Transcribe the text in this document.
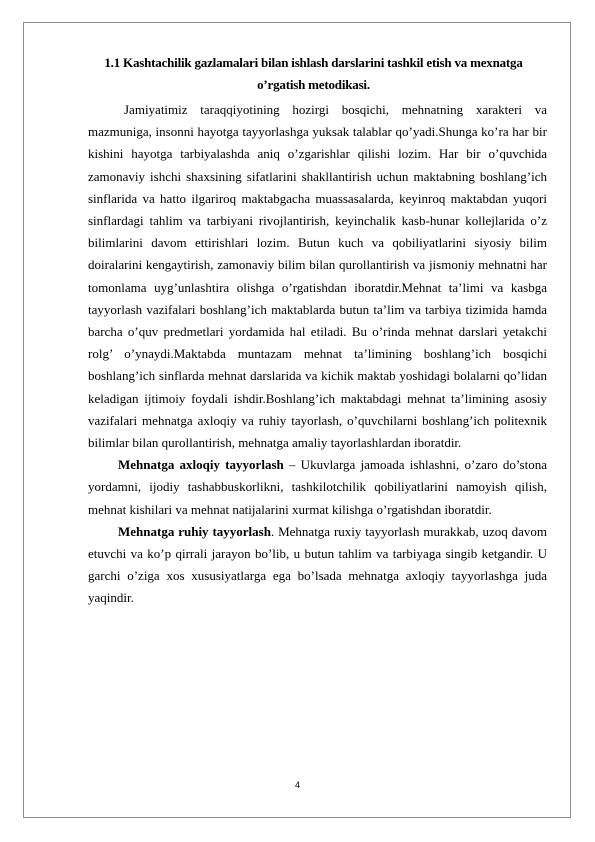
1.1 Kashtachilik gazlamalari bilan ishlash darslarini tashkil etish va mexnatga o’rgatish metodikasi.

Jamiyatimiz taraqqiyotining hozirgi bosqichi, mehnatning xarakteri va mazmuniga, insonni hayotga tayyorlashga yuksak talablar qo’yadi.Shunga ko’ra har bir kishini hayotga tarbiyalashda aniq o’zgarishlar qilishi lozim. Har bir o’quvchida zamonaviy ishchi shaxsining sifatlarini shakllantirish uchun maktabning boshlang’ich sinflarida va hatto ilgariroq maktabgacha muassasalarda, keyinroq maktabdan yuqori sinflardagi tahlim va tarbiyani rivojlantirish, keyinchalik kasb-hunar kollejlarida o’z bilimlarini davom ettirishlari lozim. Butun kuch va qobiliyatlarini siyosiy bilim doiralarini kengaytirish, zamonaviy bilim bilan qurollantirish va jismoniy mehnatni har tomonlama uyg’unlashtira olishga o’rgatishdan iboratdir.Mehnat ta’limi va kasbga tayyorlash vazifalari boshlang’ich maktablarda butun ta’lim va tarbiya tizimida hamda barcha o’quv predmetlari yordamida hal etiladi. Bu o’rinda mehnat darslari yetakchi rolg’ o’ynaydi.Maktabda muntazam mehnat ta’limining boshlang’ich bosqichi boshlang’ich sinflarda mehnat darslarida va kichik maktab yoshidagi bolalarni qo’lidan keladigan ijtimoiy foydali ishdir.Boshlang’ich maktabdagi mehnat ta’limining asosiy vazifalari mehnatga axloqiy va ruhiy tayorlash, o’quvchilarni boshlang’ich politexnik bilimlar bilan qurollantirish, mehnatga amaliy tayorlashlardan iboratdir.

Mehnatga axloqiy tayyorlash – Ukuvlarga jamoada ishlashni, o’zaro do’stona yordamni, ijodiy tashabbuskorlikni, tashkilotchilik qobiliyatlarini namoyish qilish, mehnat kishilari va mehnat natijalarini xurmat kilishga o’rgatishdan iboratdir.

Mehnatga ruhiy tayyorlash. Mehnatga ruxiy tayyorlash murakkab, uzoq davom etuvchi va ko’p qirrali jarayon bo’lib, u butun tahlim va tarbiyaga singib ketgandir. U garchi o’ziga xos xususiyatlarga ega bo’lsada mehnatga axloqiy tayyorlashga juda yaqindir.

4
